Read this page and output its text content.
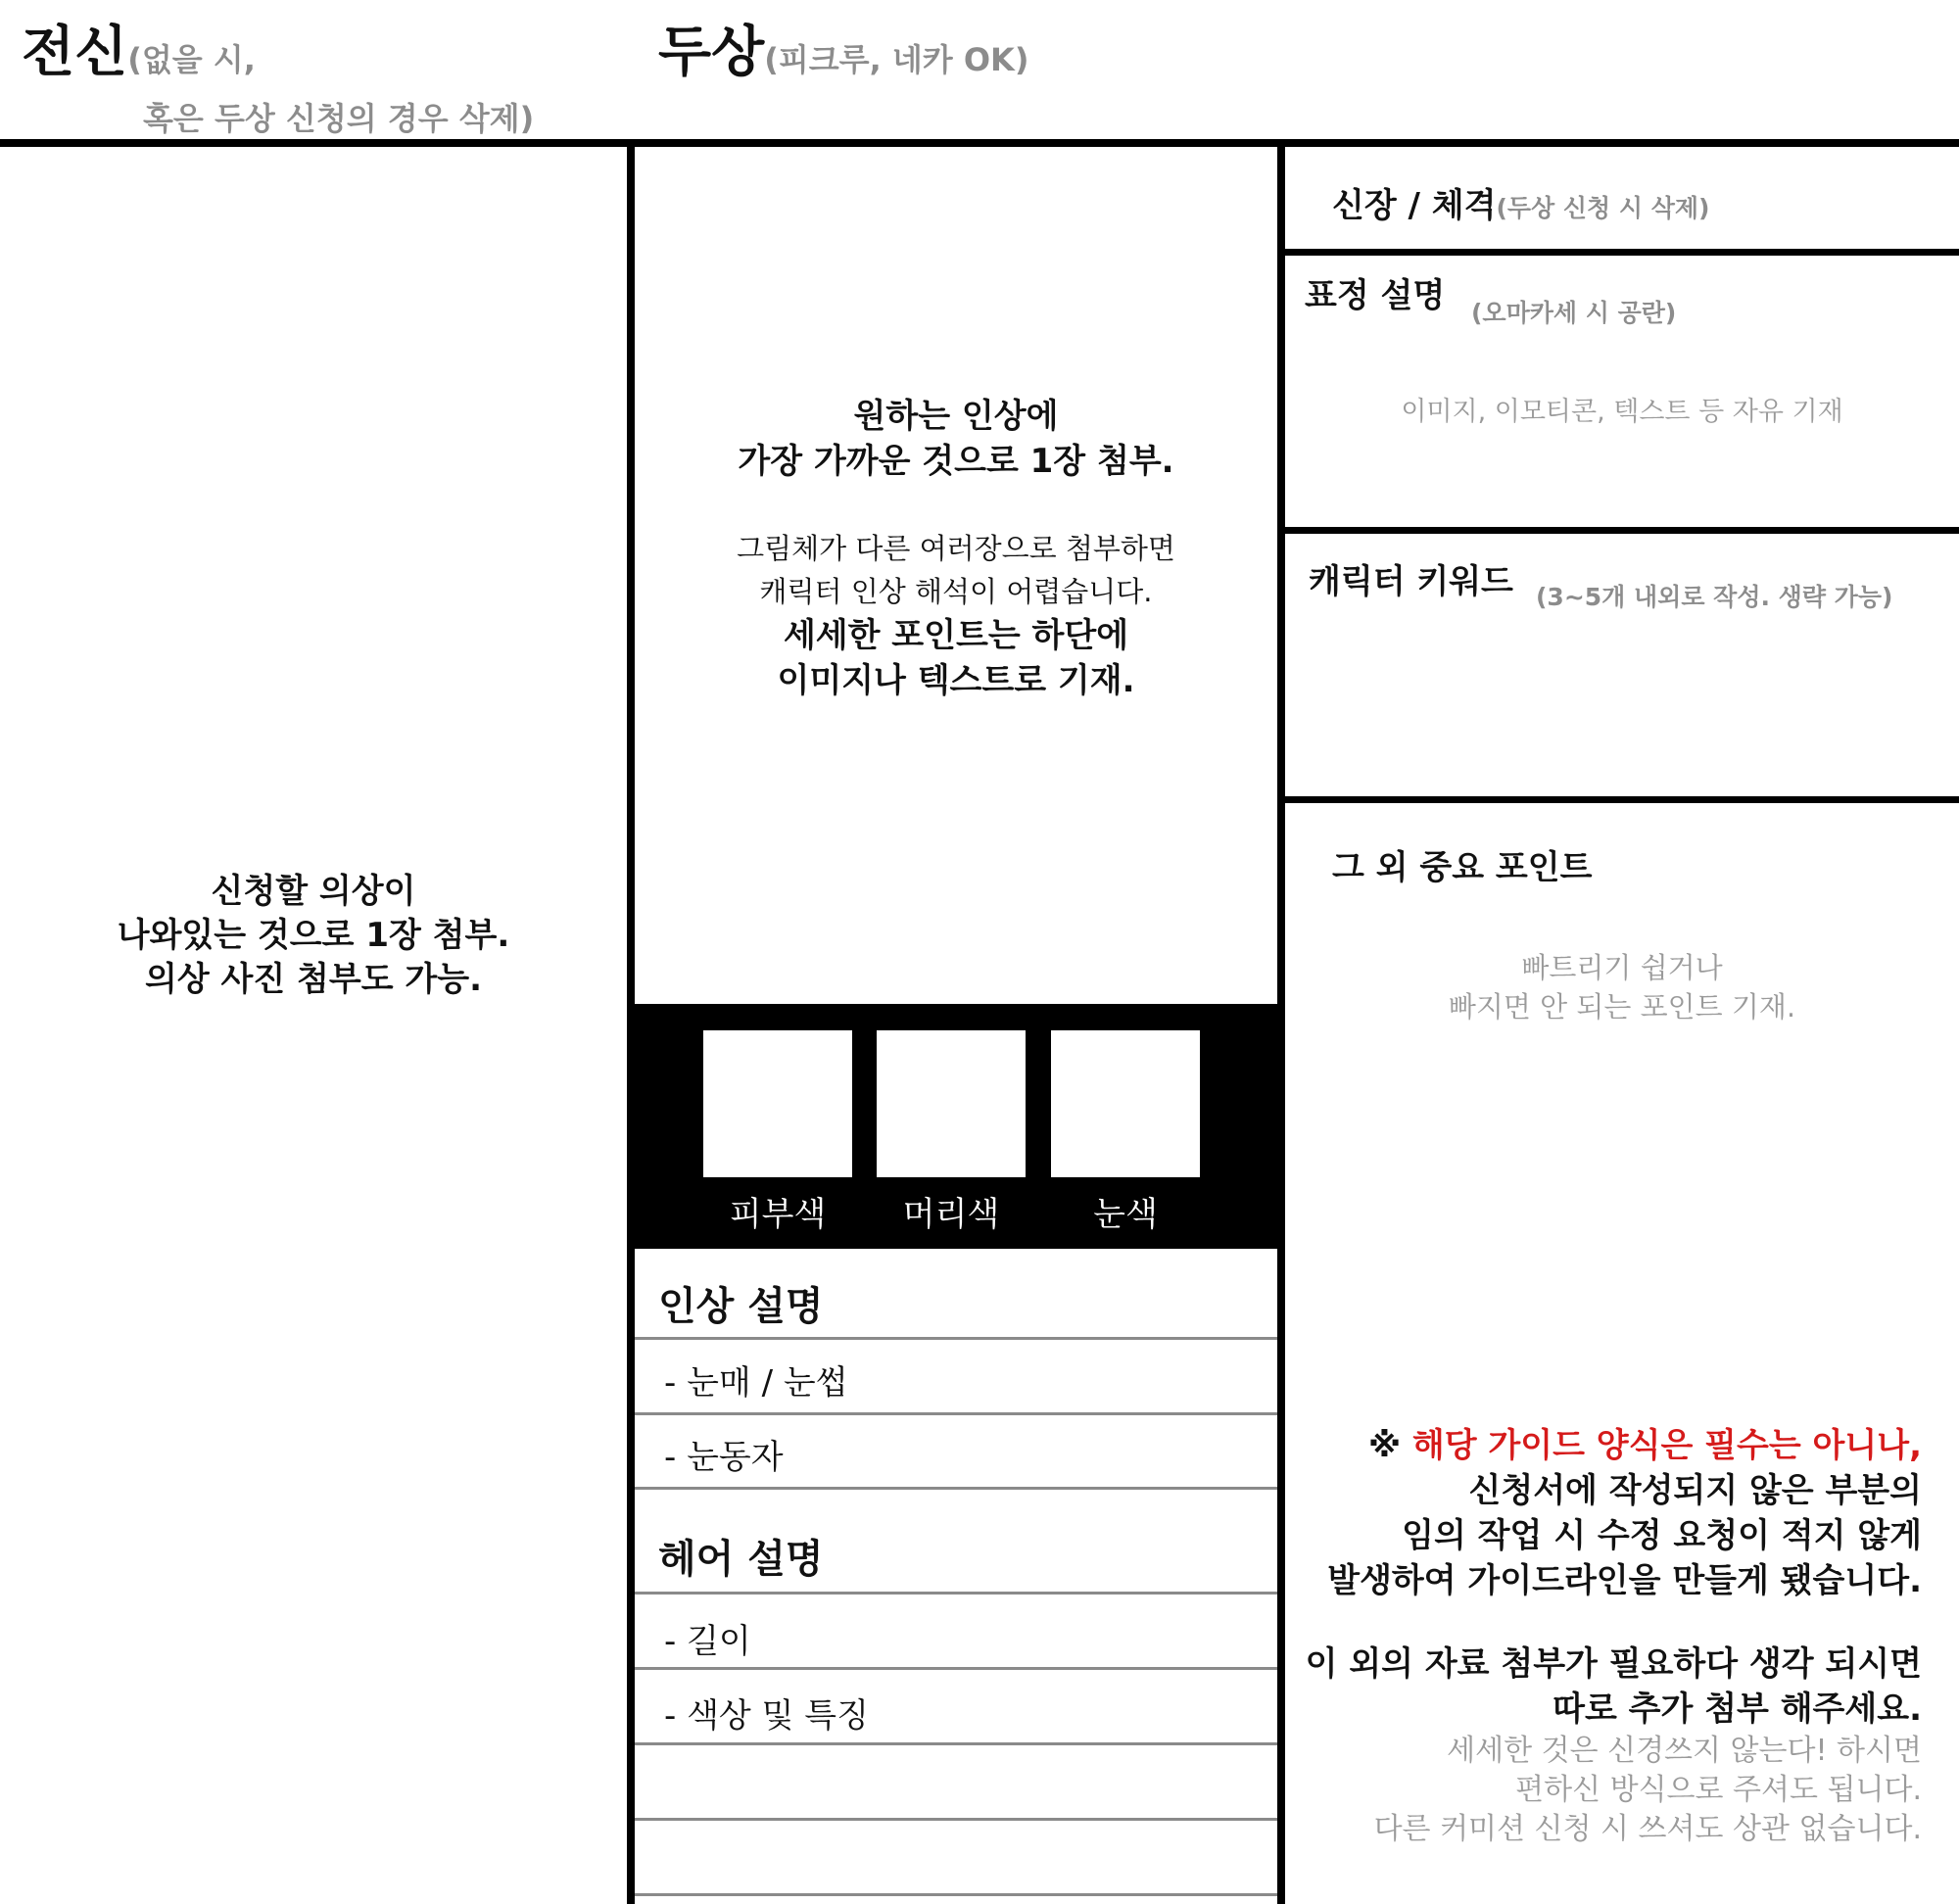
전신(없을 시,
혹은 두상 신청의 경우 삭제)
두상(피크루, 네카 OK)
신청할 의상이
나와있는 것으로 1장 첨부.
의상 사진 첨부도 가능.
원하는 인상에
가장 가까운 것으로 1장 첨부.
그림체가 다른 여러장으로 첨부하면
캐릭터 인상 해석이 어렵습니다.
세세한 포인트는 하단에
이미지나 텍스트로 기재.
피부색	머리색	눈색
인상 설명
- 눈매 / 눈썹
- 눈동자
헤어 설명
- 길이
- 색상 및 특징
신장 / 체격(두상 신청 시 삭제)
표정 설명 (오마카세 시 공란)
이미지, 이모티콘, 텍스트 등 자유 기재
캐릭터 키워드 (3~5개 내외로 작성. 생략 가능)
그 외 중요 포인트
빠트리기 쉽거나
빠지면 안 되는 포인트 기재.
※ 해당 가이드 양식은 필수는 아니나,
신청서에 작성되지 않은 부분의
임의 작업 시 수정 요청이 적지 않게
발생하여 가이드라인을 만들게 됐습니다.
이 외의 자료 첨부가 필요하다 생각 되시면
따로 추가 첨부 해주세요.
세세한 것은 신경쓰지 않는다! 하시면
편하신 방식으로 주셔도 됩니다.
다른 커미션 신청 시 쓰셔도 상관 없습니다.
